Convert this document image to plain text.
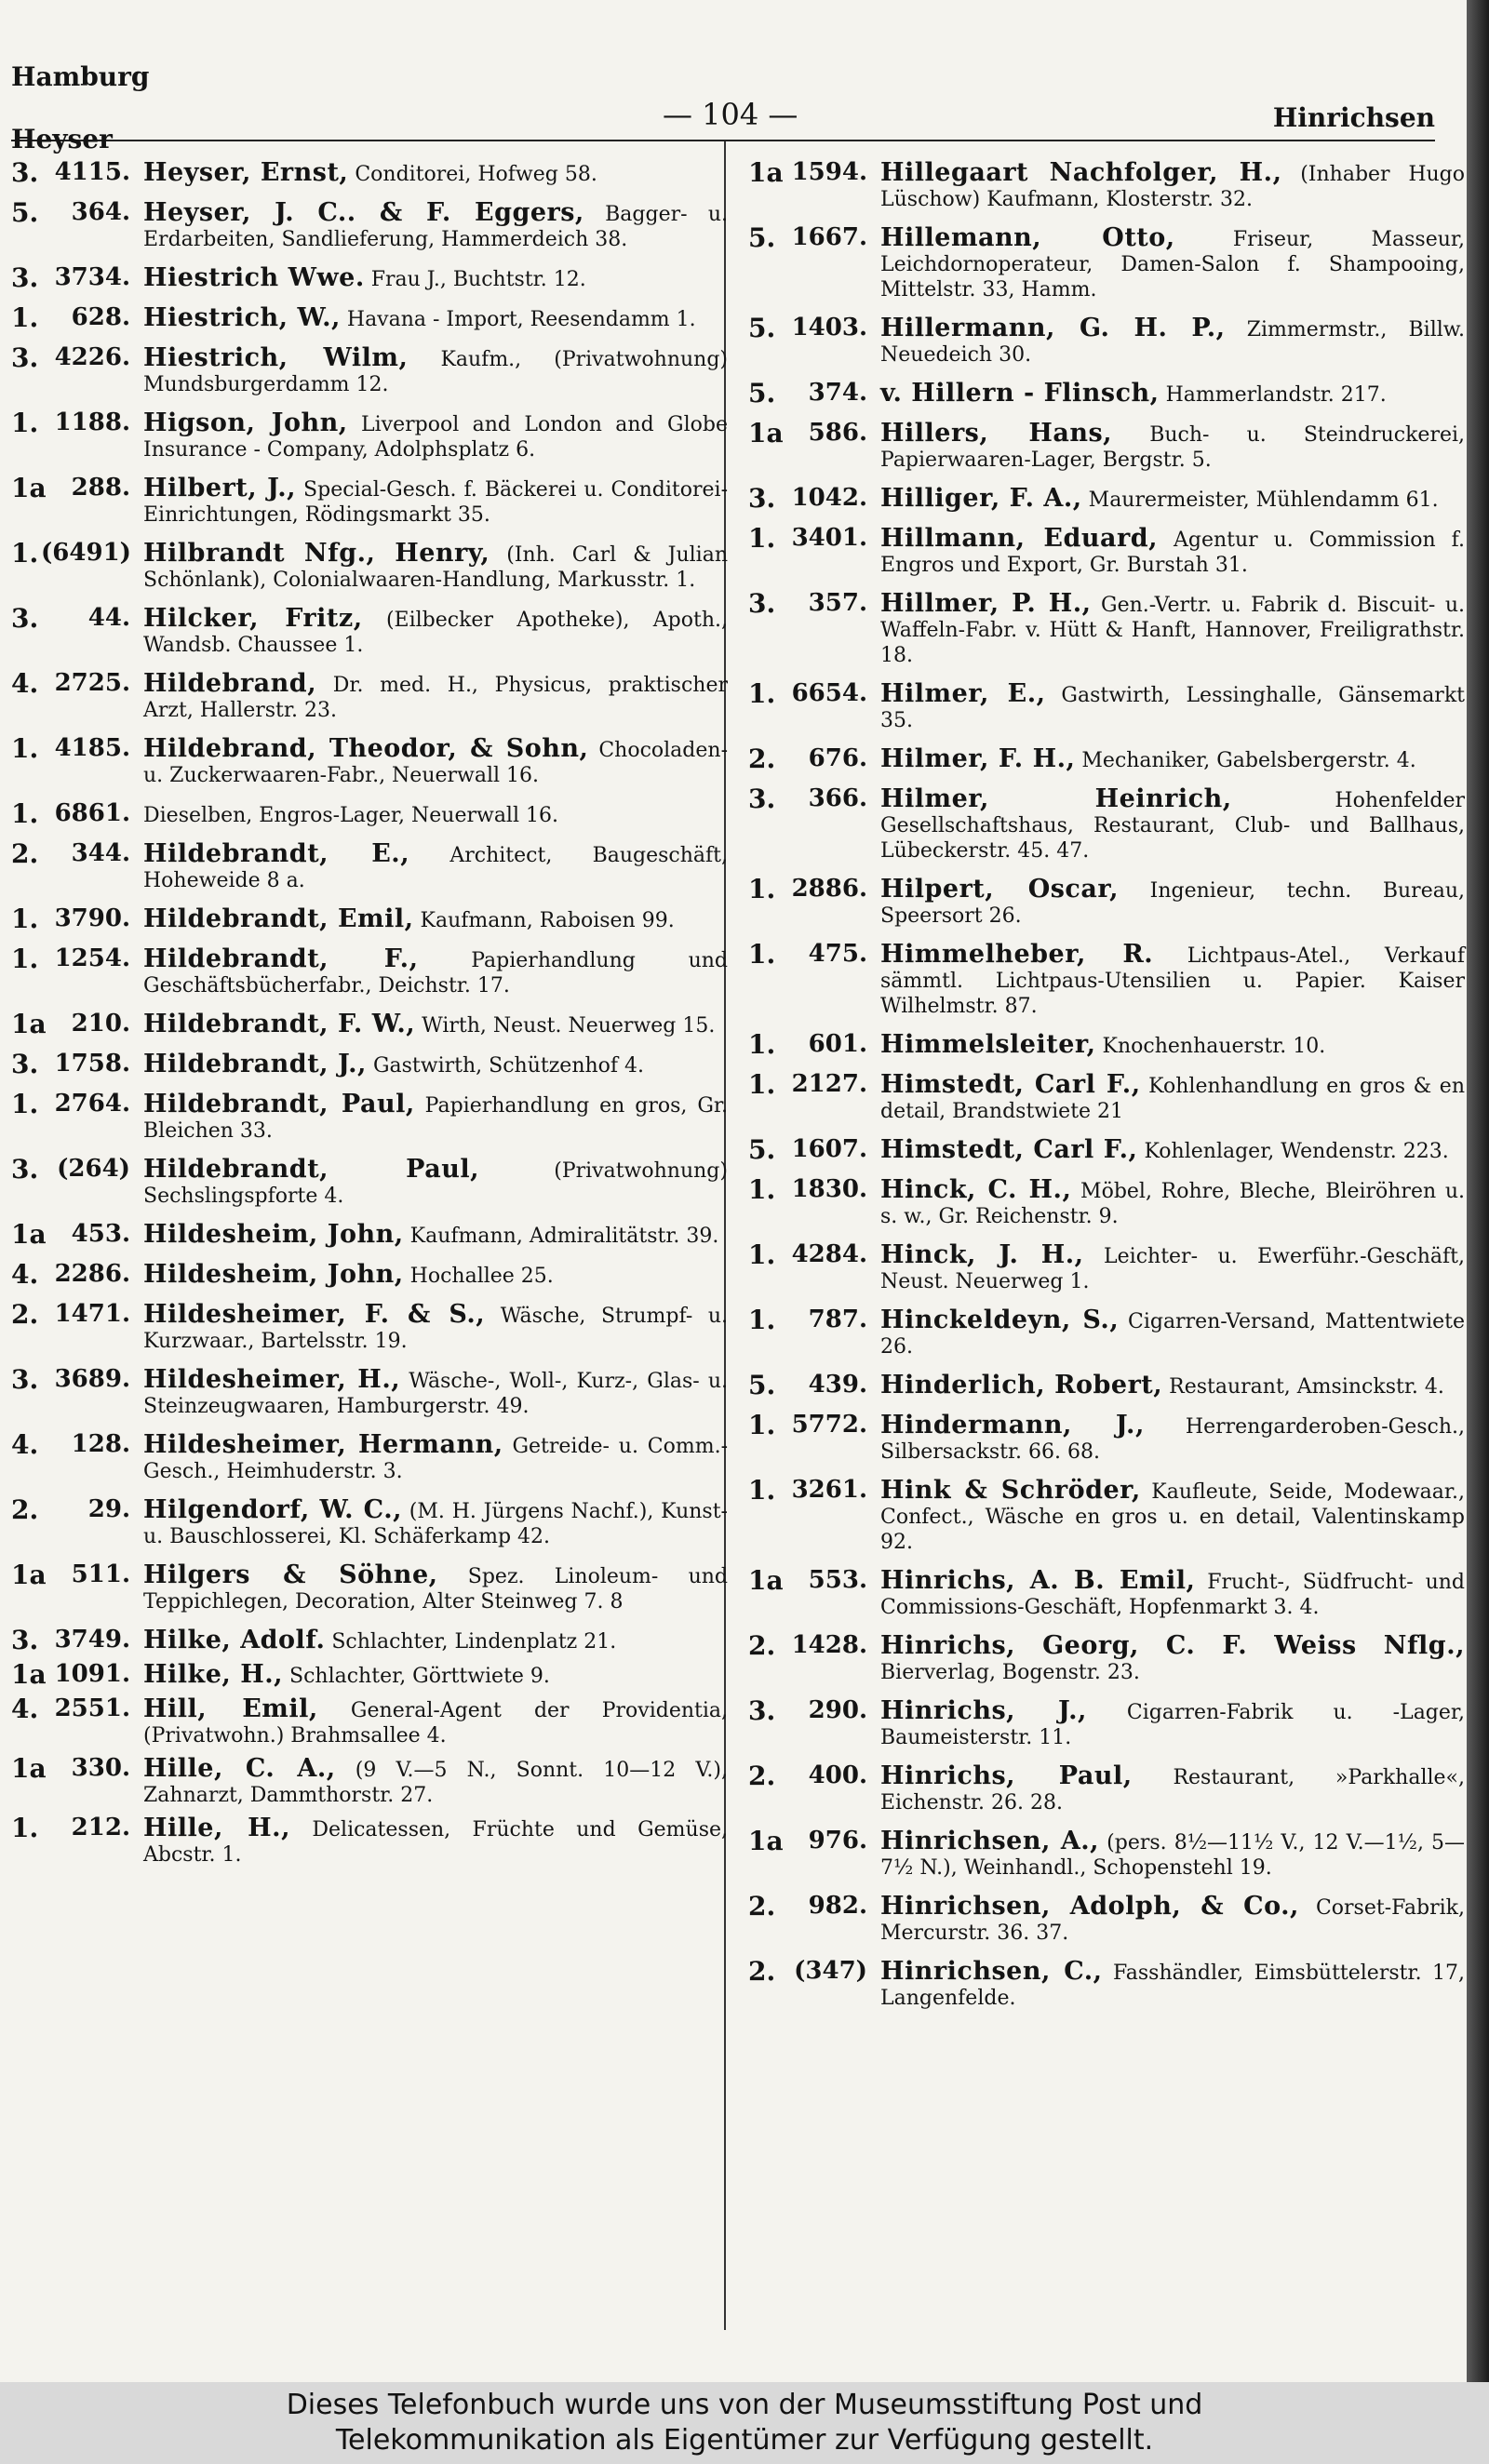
Hamburg
Heyser
— 104 —	Hinrichsen
3. 4115. Heyser, Ernst, Conditorei, Hofweg 58.
5.	364. Heyser, J. C.. & F. Eggers, Bagger- u. Erdarbeiten, Sandlieferung, Hammerdeich 38.
3. 3734. Hiestrich Wwe. Frau J., Buchtstr. 12.
1.	628. Hiestrich, W., Havana - Import, Reesendamm 1.
3. 4226. Hiestrich, Wilm, Kaufm., (Privatwohnung) Mundsburgerdamm 12.
1. 1188. Higson, John, Liverpool and London and Globe Insurance - Company, Adolphsplatz 6.
1a	288. Hilbert, J., Special-Gesch. f. Bäckerei u. Conditorei-Einrichtungen, Rödingsmarkt 35.
1. (6491) Hilbrandt Nfg., Henry, (Inh. Carl & Julian Schönlank), Colonialwaaren-Handlung, Markusstr. 1.
3.	44. Hilcker, Fritz, (Eilbecker Apotheke), Apoth., Wandsb. Chaussee 1.
4. 2725. Hildebrand, Dr. med. H., Physicus, praktischer Arzt, Hallerstr. 23.
1. 4185. Hildebrand, Theodor, & Sohn, Chocoladen- u. Zuckerwaaren-Fabr., Neuerwall 16.
1. 6861. Dieselben, Engros-Lager, Neuerwall 16.
2.	344. Hildebrandt, E., Architect, Baugeschäft, Hoheweide 8 a.
1. 3790. Hildebrandt, Emil, Kaufmann, Raboisen 99.
1. 1254. Hildebrandt, F., Papierhandlung und Geschäftsbücherfabr., Deichstr. 17.
1a	210. Hildebrandt, F. W., Wirth, Neust. Neuerweg 15.
3. 1758. Hildebrandt, J., Gastwirth, Schützenhof 4.
1. 2764. Hildebrandt, Paul, Papierhandlung en gros, Gr. Bleichen 33.
3. (264) Hildebrandt, Paul, (Privatwohnung) Sechslingspforte 4.
1a	453. Hildesheim, John, Kaufmann, Admiralitätstr. 39.
4. 2286. Hildesheim, John, Hochallee 25.
2. 1471. Hildesheimer, F. & S., Wäsche, Strumpf- u. Kurzwaar., Bartelsstr. 19.
3. 3689. Hildesheimer, H., Wäsche-, Woll-, Kurz-, Glas- u. Steinzeugwaaren, Hamburgerstr. 49.
4.	128. Hildesheimer, Hermann, Getreide- u. Comm.-Gesch., Heimhuderstr. 3.
2.	29. Hilgendorf, W. C., (M. H. Jürgens Nachf.), Kunst- u. Bauschlosserei, Kl. Schäferkamp 42.
1a	511. Hilgers & Söhne, Spez. Linoleum- und Teppichlegen, Decoration, Alter Steinweg 7. 8
3. 3749. Hilke, Adolf. Schlachter, Lindenplatz 21.
1a 1091. Hilke, H., Schlachter, Görttwiete 9.
4. 2551. Hill, Emil, General-Agent der Providentia, (Privatwohn.) Brahmsallee 4.
1a	330. Hille, C. A., (9 V.—5 N., Sonnt. 10—12 V.), Zahnarzt, Dammthorstr. 27.
1.	212. Hille, H., Delicatessen, Früchte und Gemüse, Abcstr. 1.
1a 1594. Hillegaart Nachfolger, H., (Inhaber Hugo Lüschow) Kaufmann, Klosterstr. 32.
5. 1667. Hillemann, Otto, Friseur, Masseur, Leichdornoperateur, Damen-Salon f. Shampooing, Mittelstr. 33, Hamm.
5. 1403. Hillermann, G. H. P., Zimmermstr., Billw. Neuedeich 30.
5.	374. v. Hillern - Flinsch, Hammerlandstr. 217.
1a	586. Hillers, Hans, Buch- u. Steindruckerei, Papierwaaren-Lager, Bergstr. 5.
3. 1042. Hilliger, F. A., Maurermeister, Mühlendamm 61.
1. 3401. Hillmann, Eduard, Agentur u. Commission f. Engros und Export, Gr. Burstah 31.
3.	357. Hillmer, P. H., Gen.-Vertr. u. Fabrik d. Biscuit- u. Waffeln-Fabr. v. Hütt & Hanft, Hannover, Freiligrathstr. 18.
1. 6654. Hilmer, E., Gastwirth, Lessinghalle, Gänsemarkt 35.
2.	676. Hilmer, F. H., Mechaniker, Gabelsbergerstr. 4.
3.	366. Hilmer, Heinrich, Hohenfelder Gesellschaftshaus, Restaurant, Club- und Ballhaus, Lübeckerstr. 45. 47.
1. 2886. Hilpert, Oscar, Ingenieur, techn. Bureau, Speersort 26.
1.	475. Himmelheber, R. Lichtpaus-Atel., Verkauf sämmtl. Lichtpaus-Utensilien u. Papier. Kaiser Wilhelmstr. 87.
1.	601. Himmelsleiter, Knochenhauerstr. 10.
1. 2127. Himstedt, Carl F., Kohlenhandlung en gros & en detail, Brandstwiete 21
5. 1607. Himstedt, Carl F., Kohlenlager, Wendenstr. 223.
1. 1830. Hinck, C. H., Möbel, Rohre, Bleche, Bleiröhren u. s. w., Gr. Reichenstr. 9.
1. 4284. Hinck, J. H., Leichter- u. Ewerführ.-Geschäft, Neust. Neuerweg 1.
1.	787. Hinckeldeyn, S., Cigarren-Versand, Mattentwiete 26.
5.	439. Hinderlich, Robert, Restaurant, Amsinckstr. 4.
1. 5772. Hindermann, J., Herrengarderoben-Gesch., Silbersackstr. 66. 68.
1. 3261. Hink & Schröder, Kaufleute, Seide, Modewaar., Confect., Wäsche en gros u. en detail, Valentinskamp 92.
1a	553. Hinrichs, A. B. Emil, Frucht-, Südfrucht- und Commissions-Geschäft, Hopfenmarkt 3. 4.
2. 1428. Hinrichs, Georg, C. F. Weiss Nflg., Bierverlag, Bogenstr. 23.
3.	290. Hinrichs, J., Cigarren-Fabrik u. -Lager, Baumeisterstr. 11.
2.	400. Hinrichs, Paul, Restaurant, »Parkhalle«, Eichenstr. 26. 28.
1a	976. Hinrichsen, A., (pers. 8½—11½ V., 12 V.—1½, 5—7½ N.), Weinhandl., Schopenstehl 19.
2.	982. Hinrichsen, Adolph, & Co., Corset-Fabrik, Mercurstr. 36. 37.
2. (347) Hinrichsen, C., Fasshändler, Eimsbüttelerstr. 17, Langenfelde.
Dieses Telefonbuch wurde uns von der Museumsstiftung Post und
Telekommunikation als Eigentümer zur Verfügung gestellt.
